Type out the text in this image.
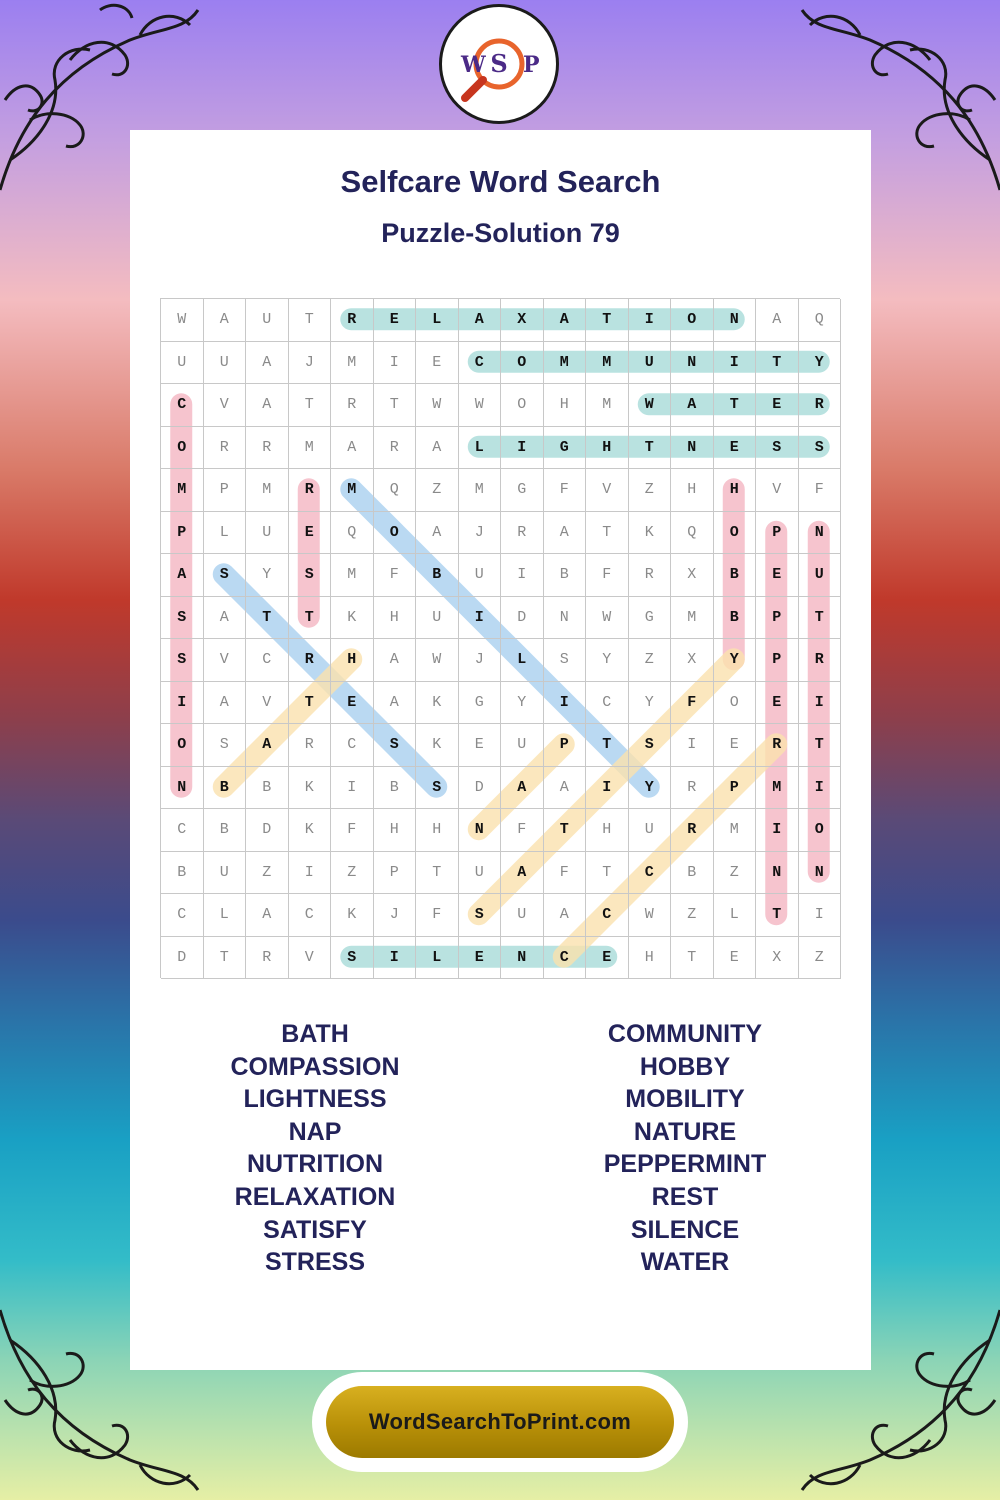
W S P
Selfcare Word Search
Puzzle-Solution 79
W	A	U	T	R	E	L	A	X	A	T	I	O	N	A	Q
U	U	A	J	M	I	E	C	O	M	M	U	N	I	T	Y
C	V	A	T	R	T	W	W	O	H	M	W	A	T	E	R
O	R	R	M	A	R	A	L	I	G	H	T	N	E	S	S
M	P	M	R	M	Q	Z	M	G	F	V	Z	H	H	V	F
P	L	U	E	Q	O	A	J	R	A	T	K	Q	O	P	N
A	S	Y	S	M	F	B	U	I	B	F	R	X	B	E	U
S	A	T	T	K	H	U	I	D	N	W	G	M	B	P	T
S	V	C	R	H	A	W	J	L	S	Y	Z	X	Y	P	R
I	A	V	T	E	A	K	G	Y	I	C	Y	F	O	E	I
O	S	A	R	C	S	K	E	U	P	T	S	I	E	R	T
N	B	B	K	I	B	S	D	A	A	I	Y	R	P	M	I
C	B	D	K	F	H	H	N	F	T	H	U	R	M	I	O
B	U	Z	I	Z	P	T	U	A	F	T	C	B	Z	N	N
C	L	A	C	K	J	F	S	U	A	C	W	Z	L	T	I
D	T	R	V	S	I	L	E	N	C	E	H	T	E	X	Z
BATH
COMPASSION
LIGHTNESS
NAP
NUTRITION
RELAXATION
SATISFY
STRESS
COMMUNITY
HOBBY
MOBILITY
NATURE
PEPPERMINT
REST
SILENCE
WATER
WordSearchToPrint.com
